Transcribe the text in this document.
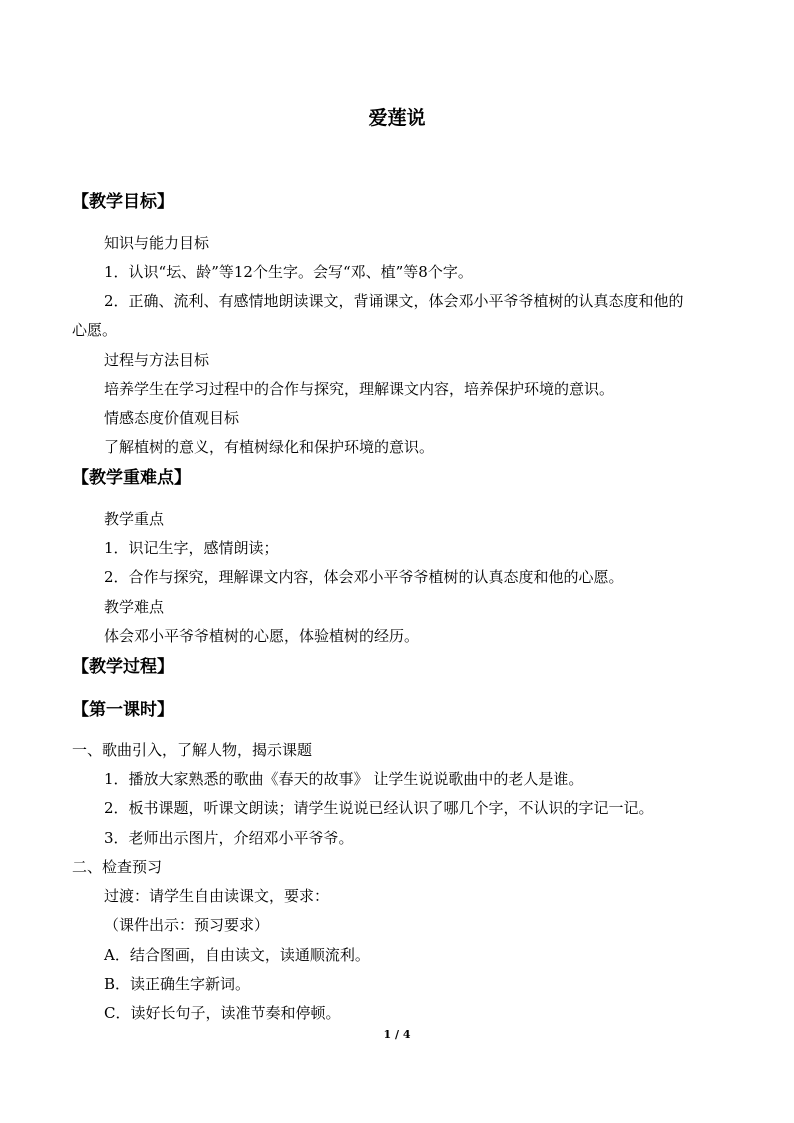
爱莲说
【教学目标】
知识与能力目标
1．认识“坛、龄”等12个生字。会写“邓、植”等8个字。
2．正确、流利、有感情地朗读课文，背诵课文，体会邓小平爷爷植树的认真态度和他的
心愿。
过程与方法目标
培养学生在学习过程中的合作与探究，理解课文内容，培养保护环境的意识。
情感态度价值观目标
了解植树的意义，有植树绿化和保护环境的意识。
【教学重难点】
教学重点
1．识记生字，感情朗读；
2．合作与探究，理解课文内容，体会邓小平爷爷植树的认真态度和他的心愿。
教学难点
体会邓小平爷爷植树的心愿，体验植树的经历。
【教学过程】
【第一课时】
一、歌曲引入，了解人物，揭示课题
1．播放大家熟悉的歌曲《春天的故事》 让学生说说歌曲中的老人是谁。
2．板书课题，听课文朗读；请学生说说已经认识了哪几个字，不认识的字记一记。
3．老师出示图片，介绍邓小平爷爷。
二、检查预习
过渡：请学生自由读课文，要求：
（课件出示：预习要求）
A．结合图画，自由读文，读通顺流利。
B．读正确生字新词。
C．读好长句子，读准节奏和停顿。
1 / 4
